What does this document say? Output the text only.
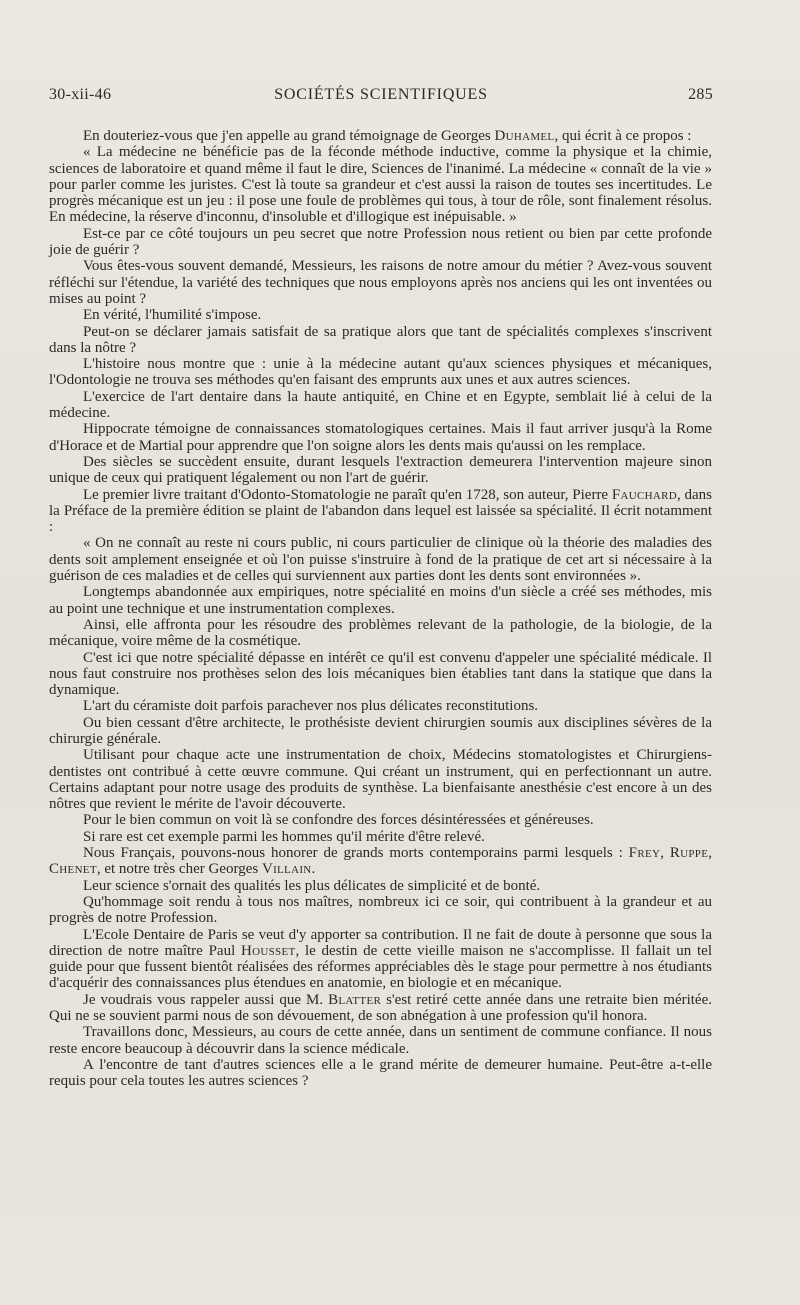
30-xii-46	SOCIÉTÉS SCIENTIFIQUES	285

En douteriez-vous que j'en appelle au grand témoignage de Georges Duhamel, qui écrit à ce propos :

« La médecine ne bénéficie pas de la féconde méthode inductive, comme la physique et la chimie, sciences de laboratoire et quand même il faut le dire, Sciences de l'inanimé. La médecine « connaît de la vie » pour parler comme les juristes. C'est là toute sa grandeur et c'est aussi la raison de toutes ses incertitudes. Le progrès mécanique est un jeu : il pose une foule de problèmes qui tous, à tour de rôle, sont finalement résolus. En médecine, la réserve d'inconnu, d'insoluble et d'illogique est inépuisable. »

Est-ce par ce côté toujours un peu secret que notre Profession nous retient ou bien par cette profonde joie de guérir ?

Vous êtes-vous souvent demandé, Messieurs, les raisons de notre amour du métier ? Avez-vous souvent réfléchi sur l'étendue, la variété des techniques que nous employons après nos anciens qui les ont inventées ou mises au point ?

En vérité, l'humilité s'impose.

Peut-on se déclarer jamais satisfait de sa pratique alors que tant de spécialités complexes s'inscrivent dans la nôtre ?

L'histoire nous montre que : unie à la médecine autant qu'aux sciences physiques et mécaniques, l'Odontologie ne trouva ses méthodes qu'en faisant des emprunts aux unes et aux autres sciences.

L'exercice de l'art dentaire dans la haute antiquité, en Chine et en Egypte, semblait lié à celui de la médecine.

Hippocrate témoigne de connaissances stomatologiques certaines. Mais il faut arriver jusqu'à la Rome d'Horace et de Martial pour apprendre que l'on soigne alors les dents mais qu'aussi on les remplace.

Des siècles se succèdent ensuite, durant lesquels l'extraction demeurera l'intervention majeure sinon unique de ceux qui pratiquent légalement ou non l'art de guérir.

Le premier livre traitant d'Odonto-Stomatologie ne paraît qu'en 1728, son auteur, Pierre Fauchard, dans la Préface de la première édition se plaint de l'abandon dans lequel est laissée sa spécialité. Il écrit notamment :

« On ne connaît au reste ni cours public, ni cours particulier de clinique où la théorie des maladies des dents soit amplement enseignée et où l'on puisse s'instruire à fond de la pratique de cet art si nécessaire à la guérison de ces maladies et de celles qui surviennent aux parties dont les dents sont environnées ».

Longtemps abandonnée aux empiriques, notre spécialité en moins d'un siècle a créé ses méthodes, mis au point une technique et une instrumentation complexes.

Ainsi, elle affronta pour les résoudre des problèmes relevant de la pathologie, de la biologie, de la mécanique, voire même de la cosmétique.

C'est ici que notre spécialité dépasse en intérêt ce qu'il est convenu d'appeler une spécialité médicale. Il nous faut construire nos prothèses selon des lois mécaniques bien établies tant dans la statique que dans la dynamique.

L'art du céramiste doit parfois parachever nos plus délicates reconstitutions.

Ou bien cessant d'être architecte, le prothésiste devient chirurgien soumis aux disciplines sévères de la chirurgie générale.

Utilisant pour chaque acte une instrumentation de choix, Médecins stomatologistes et Chirurgiens-dentistes ont contribué à cette œuvre commune. Qui créant un instrument, qui en perfectionnant un autre. Certains adaptant pour notre usage des produits de synthèse. La bienfaisante anesthésie c'est encore à un des nôtres que revient le mérite de l'avoir découverte.

Pour le bien commun on voit là se confondre des forces désintéressées et généreuses.

Si rare est cet exemple parmi les hommes qu'il mérite d'être relevé.

Nous Français, pouvons-nous honorer de grands morts contemporains parmi lesquels : Frey, Ruppe, Chenet, et notre très cher Georges Villain.

Leur science s'ornait des qualités les plus délicates de simplicité et de bonté.

Qu'hommage soit rendu à tous nos maîtres, nombreux ici ce soir, qui contribuent à la grandeur et au progrès de notre Profession.

L'Ecole Dentaire de Paris se veut d'y apporter sa contribution. Il ne fait de doute à personne que sous la direction de notre maître Paul Housset, le destin de cette vieille maison ne s'accomplisse. Il fallait un tel guide pour que fussent bientôt réalisées des réformes appréciables dès le stage pour permettre à nos étudiants d'acquérir des connaissances plus étendues en anatomie, en biologie et en mécanique.

Je voudrais vous rappeler aussi que M. Blatter s'est retiré cette année dans une retraite bien méritée. Qui ne se souvient parmi nous de son dévouement, de son abnégation à une profession qu'il honora.

Travaillons donc, Messieurs, au cours de cette année, dans un sentiment de commune confiance. Il nous reste encore beaucoup à découvrir dans la science médicale.

A l'encontre de tant d'autres sciences elle a le grand mérite de demeurer humaine. Peut-être a-t-elle requis pour cela toutes les autres sciences ?
